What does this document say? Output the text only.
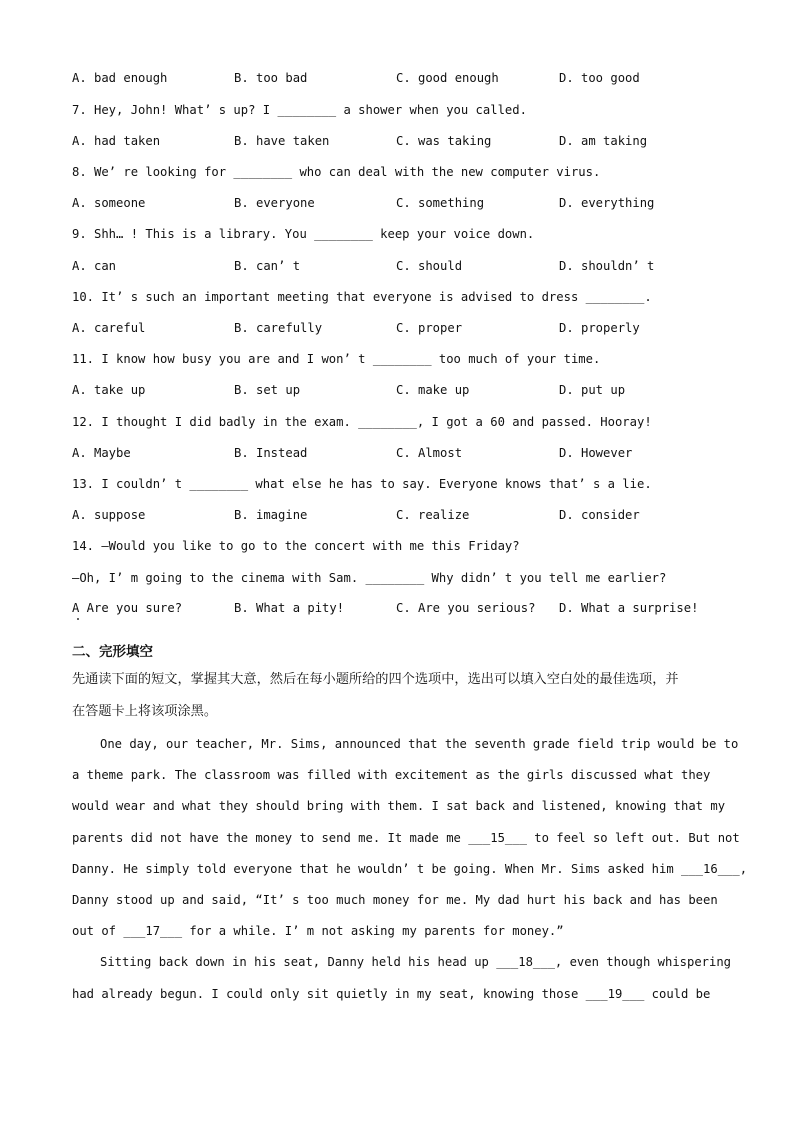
A. bad enough	B. too bad	C. good enough	D. too good
7. Hey, John! What’ s up? I ________ a shower when you called.
A. had taken	B. have taken	C. was taking	D. am taking
8. We’ re looking for ________ who can deal with the new computer virus.
A. someone	B. everyone	C. something	D. everything
9. Shh… ! This is a library. You ________ keep your voice down.
A. can	B. can’ t	C. should	D. shouldn’ t
10. It’ s such an important meeting that everyone is advised to dress ________.
A. careful	B. carefully	C. proper	D. properly
11. I know how busy you are and I won’ t ________ too much of your time.
A. take up	B. set up	C. make up	D. put up
12. I thought I did badly in the exam. ________, I got a 60 and passed. Hooray!
A. Maybe	B. Instead	C. Almost	D. However
13. I couldn’ t ________ what else he has to say. Everyone knows that’ s a lie.
A. suppose	B. imagine	C. realize	D. consider
14. —Would you like to go to the concert with me this Friday?
—Oh, I’ m going to the cinema with Sam. ________ Why didn’ t you tell me earlier?
A Are you sure?	B. What a pity!	C. Are you serious? D. What a surprise!
二、完形填空
先通读下面的短文，掌握其大意，然后在每小题所给的四个选项中，选出可以填入空白处的最佳选项，并
在答题卡上将该项涂黑。
One day, our teacher, Mr. Sims, announced that the seventh grade field trip would be to
a theme park. The classroom was filled with excitement as the girls discussed what they
would wear and what they should bring with them. I sat back and listened, knowing that my
parents did not have the money to send me. It made me ___15___ to feel so left out. But not
Danny. He simply told everyone that he wouldn’ t be going. When Mr. Sims asked him ___16___,
Danny stood up and said, “It’ s too much money for me. My dad hurt his back and has been
out of ___17___ for a while. I’ m not asking my parents for money.”
Sitting back down in his seat, Danny held his head up ___18___, even though whispering
had already begun. I could only sit quietly in my seat, knowing those ___19___ could be
